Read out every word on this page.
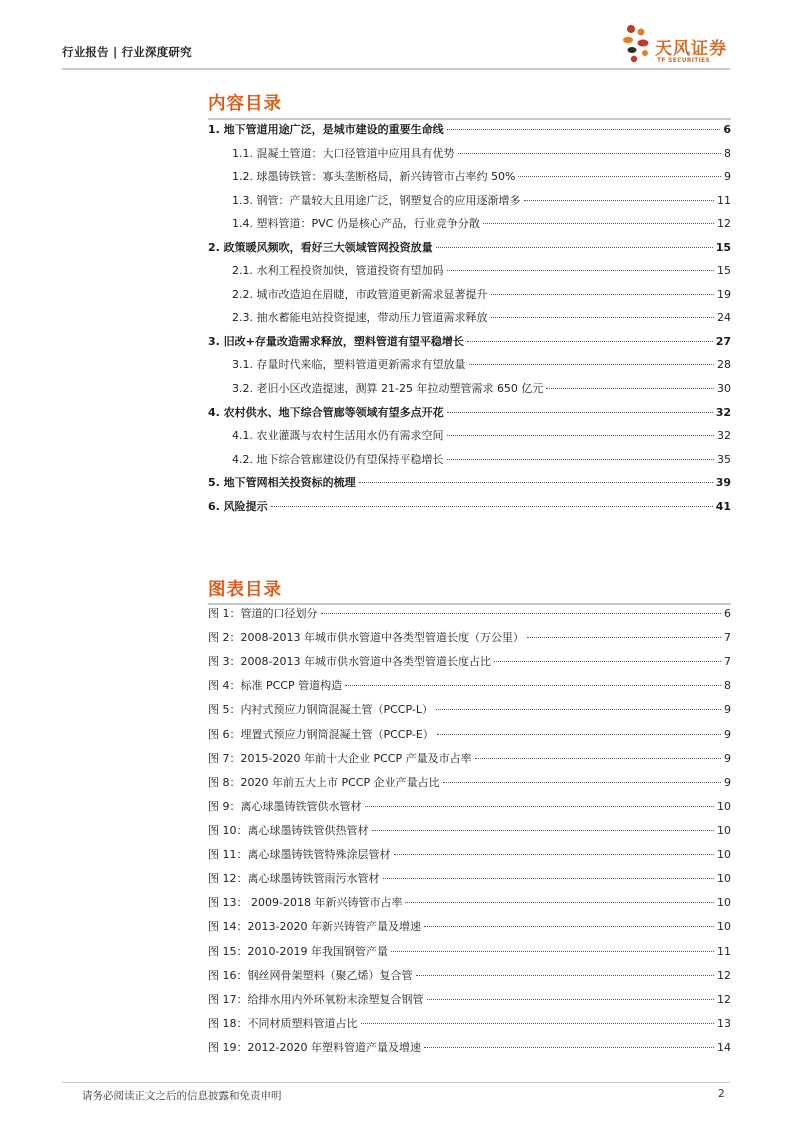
行业报告 | 行业深度研究	天风证券
TF SECURITIES
内容目录
1. 地下管道用途广泛，是城市建设的重要生命线	6
1.1. 混凝土管道：大口径管道中应用具有优势	8
1.2. 球墨铸铁管：寡头垄断格局，新兴铸管市占率约 50%	9
1.3. 钢管：产量较大且用途广泛，钢塑复合的应用逐渐增多	11
1.4. 塑料管道：PVC 仍是核心产品，行业竞争分散	12
2. 政策暖风频吹，看好三大领域管网投资放量	15
2.1. 水利工程投资加快，管道投资有望加码	15
2.2. 城市改造迫在眉睫，市政管道更新需求显著提升	19
2.3. 抽水蓄能电站投资提速，带动压力管道需求释放	24
3. 旧改+存量改造需求释放，塑料管道有望平稳增长	27
3.1. 存量时代来临，塑料管道更新需求有望放量	28
3.2. 老旧小区改造提速，测算 21-25 年拉动塑管需求 650 亿元	30
4. 农村供水、地下综合管廊等领域有望多点开花	32
4.1. 农业灌溉与农村生活用水仍有需求空间	32
4.2. 地下综合管廊建设仍有望保持平稳增长	35
5. 地下管网相关投资标的梳理	39
6. 风险提示	41
图表目录
图 1：管道的口径划分	6
图 2：2008-2013 年城市供水管道中各类型管道长度（万公里）	7
图 3：2008-2013 年城市供水管道中各类型管道长度占比	7
图 4：标准 PCCP 管道构造	8
图 5：内衬式预应力钢筒混凝土管（PCCP-L）	9
图 6：埋置式预应力钢筒混凝土管（PCCP-E）	9
图 7：2015-2020 年前十大企业 PCCP 产量及市占率	9
图 8：2020 年前五大上市 PCCP 企业产量占比	9
图 9：离心球墨铸铁管供水管材	10
图 10：离心球墨铸铁管供热管材	10
图 11：离心球墨铸铁管特殊涂层管材	10
图 12：离心球墨铸铁管雨污水管材	10
图 13： 2009-2018 年新兴铸管市占率	10
图 14：2013-2020 年新兴铸管产量及增速	10
图 15：2010-2019 年我国钢管产量	11
图 16：钢丝网骨架塑料（聚乙烯）复合管	12
图 17：给排水用内外环氧粉末涂塑复合钢管	12
图 18：不同材质塑料管道占比	13
图 19：2012-2020 年塑料管道产量及增速	14
请务必阅读正文之后的信息披露和免责申明	2
